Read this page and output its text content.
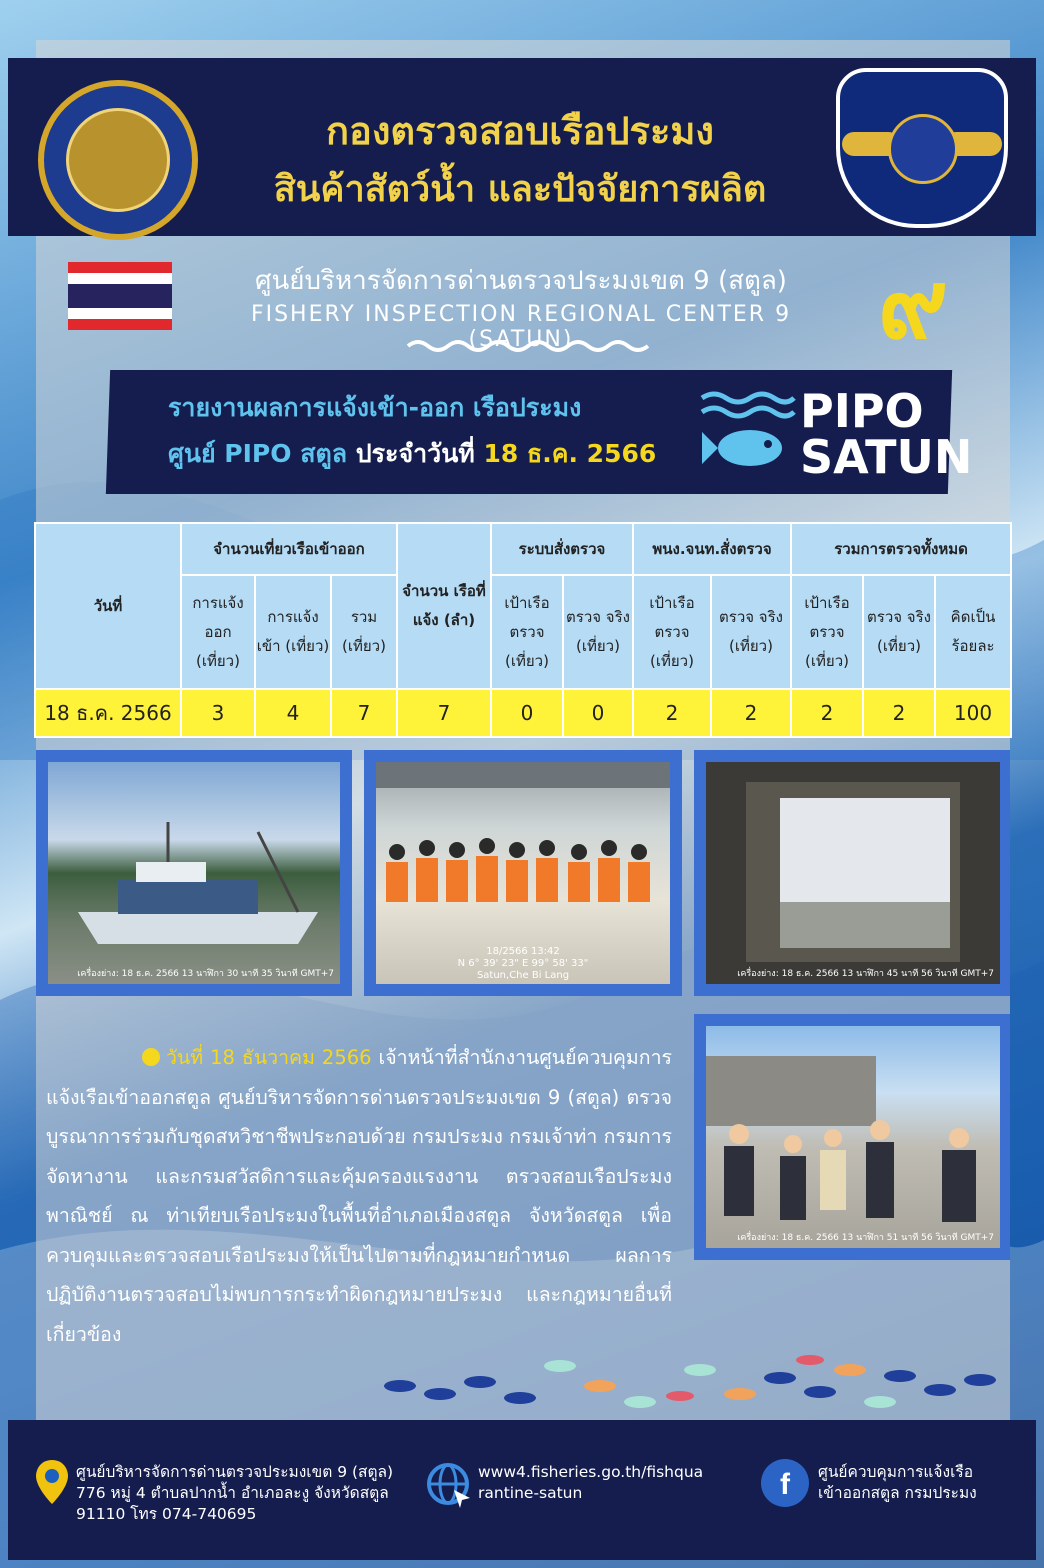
กองตรวจสอบเรือประมง
สินค้าสัตว์น้ำ และปัจจัยการผลิต
ศูนย์บริหารจัดการด่านตรวจประมงเขต 9 (สตูล)
FISHERY INSPECTION REGIONAL CENTER 9 (SATUN)	๙
รายงานผลการแจ้งเข้า-ออก เรือประมง
ศูนย์ PIPO สตูล ประจำวันที่ 18 ธ.ค. 2566
PIPO
SATUN
วันที่	จำนวนเที่ยวเรือเข้าออก			จำนวน เรือที่ แจ้ง (ลำ)	ระบบสั่งตรวจ		พนง.จนท.สั่งตรวจ		รวมการตรวจทั้งหมด		
	การแจ้ง ออก (เที่ยว)	การแจ้ง เข้า (เที่ยว)	รวม (เที่ยว)		เป้าเรือ ตรวจ (เที่ยว)	ตรวจ จริง (เที่ยว)	เป้าเรือ ตรวจ (เที่ยว)	ตรวจ จริง (เที่ยว)	เป้าเรือ ตรวจ (เที่ยว)	ตรวจ จริง (เที่ยว)	คิดเป็น ร้อยละ
18 ธ.ค. 2566	3	4	7	7	0	0	2	2	2	2	100
เครื่องย่าง: 18 ธ.ค. 2566 13 นาฬิกา 30 นาที 35 วินาที GMT+7
18/2566 13:42
N 6° 39' 23" E 99° 58' 33"
Satun,Che Bi Lang	เครื่องย่าง: 18 ธ.ค. 2566 13 นาฬิกา 45 นาที 56 วินาที GMT+7
วันที่ 18 ธันวาคม 2566 เจ้าหน้าที่สำนักงานศูนย์ควบคุมการแจ้งเรือเข้าออกสตูล ศูนย์บริหารจัดการด่านตรวจประมงเขต 9 (สตูล) ตรวจบูรณาการร่วมกับชุดสหวิชาชีพประกอบด้วย กรมประมง กรมเจ้าท่า กรมการจัดหางาน และกรมสวัสดิการและคุ้มครองแรงงาน ตรวจสอบเรือประมงพาณิชย์ ณ ท่าเทียบเรือประมงในพื้นที่อำเภอเมืองสตูล จังหวัดสตูล เพื่อควบคุมและตรวจสอบเรือประมงให้เป็นไปตามที่กฎหมายกำหนด ผลการปฏิบัติงานตรวจสอบไม่พบการกระทำผิดกฎหมายประมง และกฎหมายอื่นที่เกี่ยวข้อง
เครื่องย่าง: 18 ธ.ค. 2566 13 นาฬิกา 51 นาที 56 วินาที GMT+7
ศูนย์บริหารจัดการด่านตรวจประมงเขต 9 (สตูล)
776 หมู่ 4 ตำบลปากน้ำ อำเภอละงู จังหวัดสตูล
91110 โทร 074-740695
www4.fisheries.go.th/fishqua
rantine-satun	f ศูนย์ควบคุมการแจ้งเรือ
เข้าออกสตูล กรมประมง
